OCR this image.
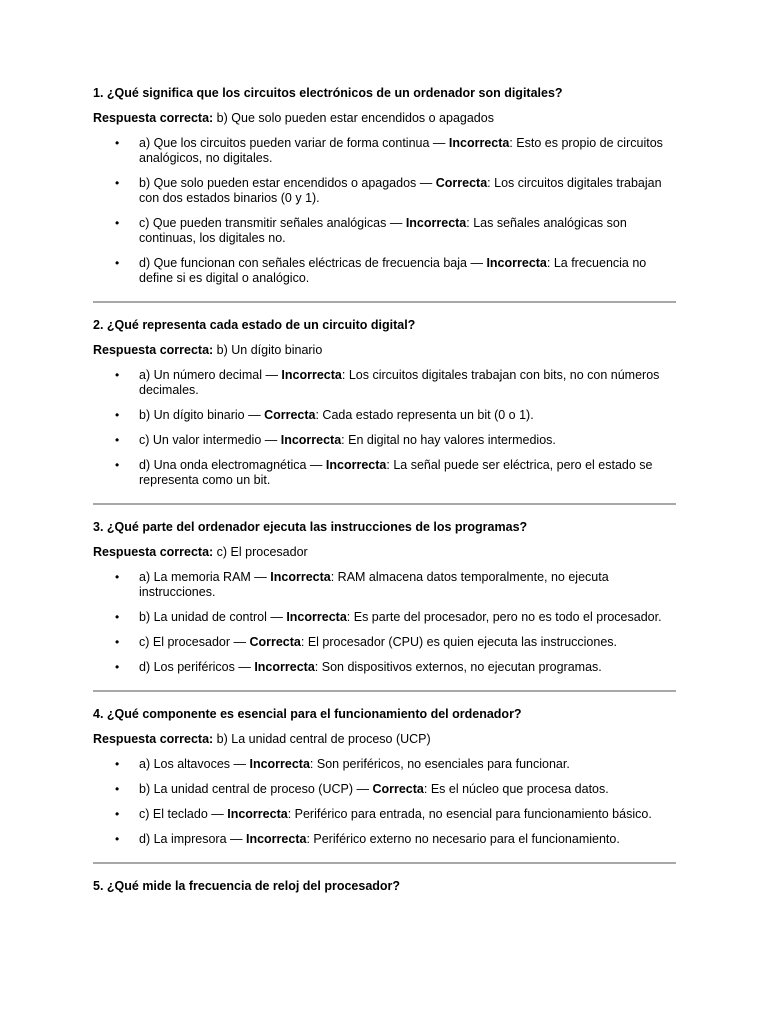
1. ¿Qué significa que los circuitos electrónicos de un ordenador son digitales?
Respuesta correcta: b) Que solo pueden estar encendidos o apagados
• a) Que los circuitos pueden variar de forma continua — Incorrecta: Esto es propio de circuitos analógicos, no digitales.
• b) Que solo pueden estar encendidos o apagados — Correcta: Los circuitos digitales trabajan con dos estados binarios (0 y 1).
• c) Que pueden transmitir señales analógicas — Incorrecta: Las señales analógicas son continuas, los digitales no.
• d) Que funcionan con señales eléctricas de frecuencia baja — Incorrecta: La frecuencia no define si es digital o analógico.
2. ¿Qué representa cada estado de un circuito digital?
Respuesta correcta: b) Un dígito binario
• a) Un número decimal — Incorrecta: Los circuitos digitales trabajan con bits, no con números decimales.
• b) Un dígito binario — Correcta: Cada estado representa un bit (0 o 1).
• c) Un valor intermedio — Incorrecta: En digital no hay valores intermedios.
• d) Una onda electromagnética — Incorrecta: La señal puede ser eléctrica, pero el estado se representa como un bit.
3. ¿Qué parte del ordenador ejecuta las instrucciones de los programas?
Respuesta correcta: c) El procesador
• a) La memoria RAM — Incorrecta: RAM almacena datos temporalmente, no ejecuta instrucciones.
• b) La unidad de control — Incorrecta: Es parte del procesador, pero no es todo el procesador.
• c) El procesador — Correcta: El procesador (CPU) es quien ejecuta las instrucciones.
• d) Los periféricos — Incorrecta: Son dispositivos externos, no ejecutan programas.
4. ¿Qué componente es esencial para el funcionamiento del ordenador?
Respuesta correcta: b) La unidad central de proceso (UCP)
• a) Los altavoces — Incorrecta: Son periféricos, no esenciales para funcionar.
• b) La unidad central de proceso (UCP) — Correcta: Es el núcleo que procesa datos.
• c) El teclado — Incorrecta: Periférico para entrada, no esencial para funcionamiento básico.
• d) La impresora — Incorrecta: Periférico externo no necesario para el funcionamiento.
5. ¿Qué mide la frecuencia de reloj del procesador?
